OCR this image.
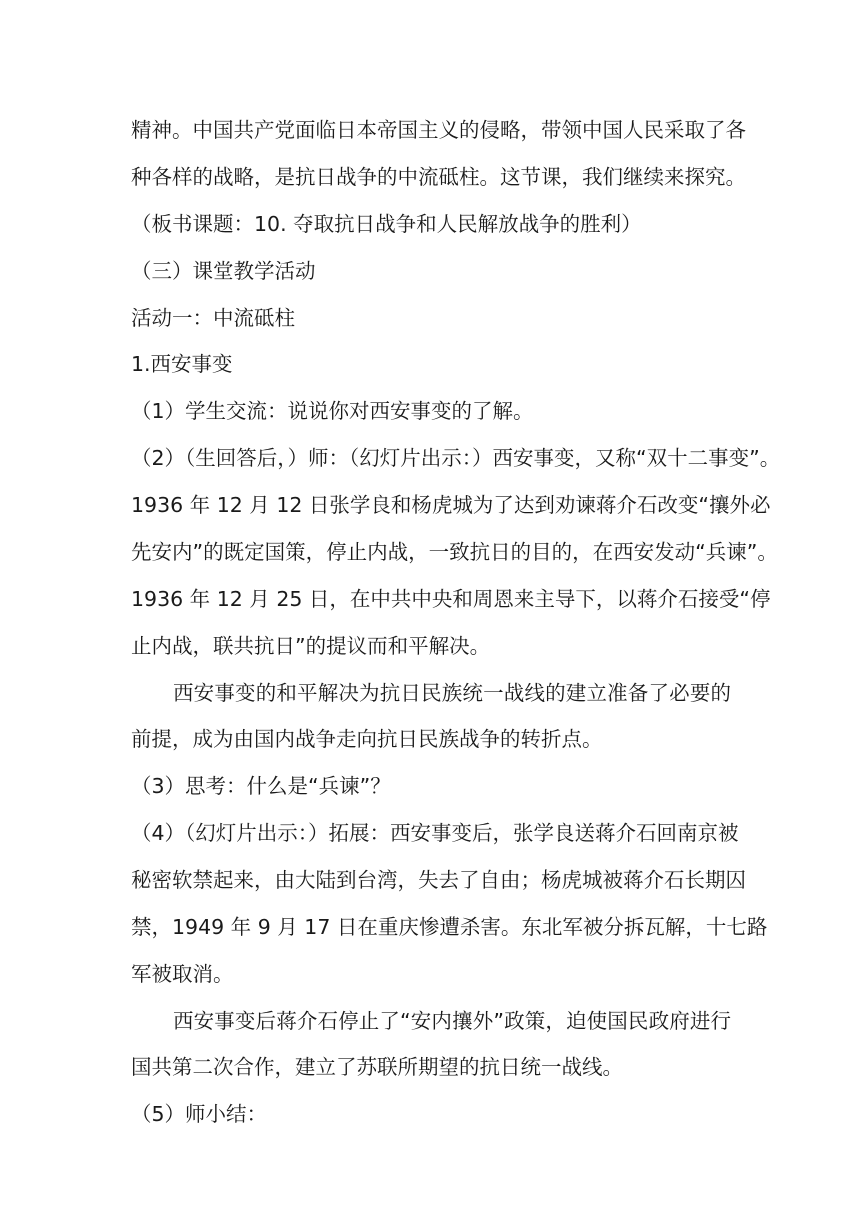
精神。中国共产党面临日本帝国主义的侵略，带领中国人民采取了各
种各样的战略，是抗日战争的中流砥柱。这节课，我们继续来探究。
（板书课题：10. 夺取抗日战争和人民解放战争的胜利）
（三）课堂教学活动
活动一：中流砥柱
1.西安事变
（1）学生交流：说说你对西安事变的了解。
（2）（生回答后，）师：（幻灯片出示：）西安事变，又称“双十二事变”。
1936 年 12 月 12 日张学良和杨虎城为了达到劝谏蒋介石改变“攘外必
先安内”的既定国策，停止内战，一致抗日的目的，在西安发动“兵谏”。
1936 年 12 月 25 日，在中共中央和周恩来主导下，以蒋介石接受“停
止内战，联共抗日”的提议而和平解决。
西安事变的和平解决为抗日民族统一战线的建立准备了必要的
前提，成为由国内战争走向抗日民族战争的转折点。
（3）思考：什么是“兵谏”？
（4）（幻灯片出示：）拓展：西安事变后，张学良送蒋介石回南京被
秘密软禁起来，由大陆到台湾，失去了自由；杨虎城被蒋介石长期囚
禁，1949 年 9 月 17 日在重庆惨遭杀害。东北军被分拆瓦解，十七路
军被取消。
西安事变后蒋介石停止了“安内攘外”政策，迫使国民政府进行
国共第二次合作，建立了苏联所期望的抗日统一战线。
（5）师小结：
